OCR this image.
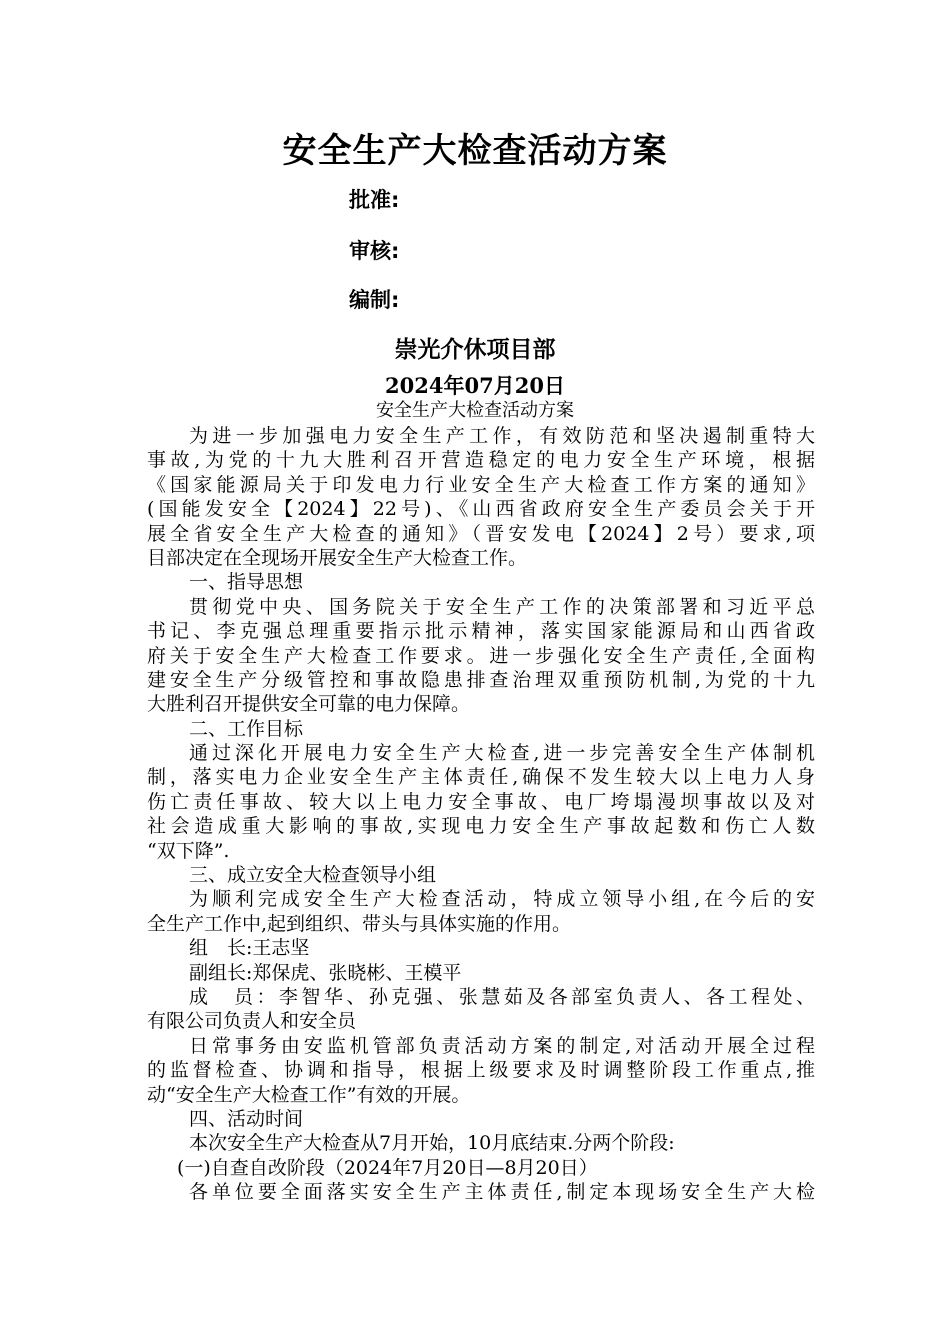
安全生产大检查活动方案
批准:
审核:
编制:
崇光介休项目部
2024年07月20日
安全生产大检查活动方案
为进一步加强电力安全生产工作，有效防范和坚决遏制重特大
事故,为党的十九大胜利召开营造稳定的电力安全生产环境，根据
《国家能源局关于印发电力行业安全生产大检查工作方案的通知》
(国能发安全【2024】22号)、《山西省政府安全生产委员会关于开
展全省安全生产大检查的通知》（晋安发电【2024】2号）要求,项
目部决定在全现场开展安全生产大检查工作。
一、指导思想
贯彻党中央、国务院关于安全生产工作的决策部署和习近平总
书记、李克强总理重要指示批示精神，落实国家能源局和山西省政
府关于安全生产大检查工作要求。进一步强化安全生产责任,全面构
建安全生产分级管控和事故隐患排查治理双重预防机制,为党的十九
大胜利召开提供安全可靠的电力保障。
二、工作目标
通过深化开展电力安全生产大检查,进一步完善安全生产体制机
制，落实电力企业安全生产主体责任,确保不发生较大以上电力人身
伤亡责任事故、较大以上电力安全事故、电厂垮塌漫坝事故以及对
社会造成重大影响的事故,实现电力安全生产事故起数和伤亡人数
“双下降”.
三、成立安全大检查领导小组
为顺利完成安全生产大检查活动，特成立领导小组,在今后的安
全生产工作中,起到组织、带头与具体实施的作用。
组　长:王志坚
副组长:郑保虎、张晓彬、王模平
成　员：李智华、孙克强、张慧茹及各部室负责人、各工程处、
有限公司负责人和安全员
日常事务由安监机管部负责活动方案的制定,对活动开展全过程
的监督检查、协调和指导，根据上级要求及时调整阶段工作重点,推
动“安全生产大检查工作”有效的开展。
四、活动时间
本次安全生产大检查从7月开始，10月底结束.分两个阶段:
(一)自查自改阶段（2024年7月20日—8月20日）
各单位要全面落实安全生产主体责任,制定本现场安全生产大检
